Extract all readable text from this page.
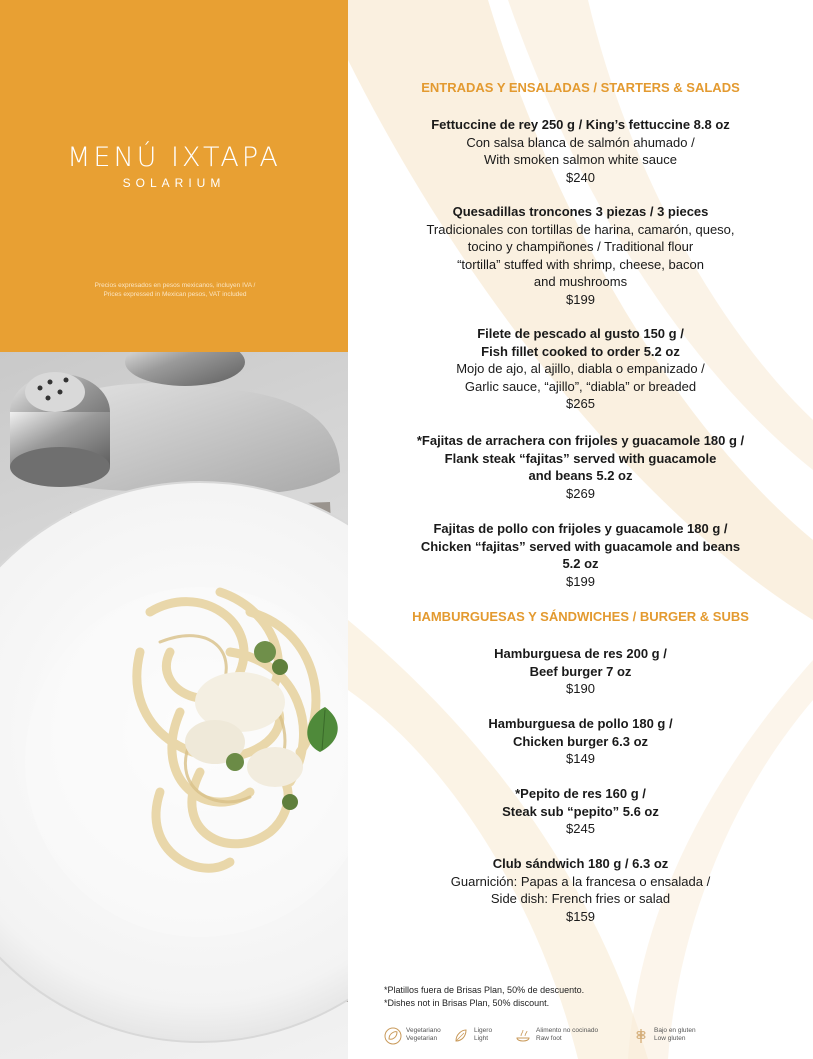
MENÚ IXTAPA
SOLARIUM
Precios expresados en pesos mexicanos, incluyen IVA /
Prices expressed in Mexican pesos, VAT included
ENTRADAS Y ENSALADAS / STARTERS & SALADS
Fettuccine de rey 250 g / King’s fettuccine 8.8 oz
Con salsa blanca de salmón ahumado /
With smoken salmon white sauce
$240
Quesadillas troncones 3 piezas / 3 pieces
Tradicionales con tortillas de harina, camarón, queso,
tocino y champiñones / Traditional flour
“tortilla” stuffed with shrimp, cheese, bacon
and mushrooms
$199
Filete de pescado al gusto 150 g /
Fish fillet cooked to order 5.2 oz
Mojo de ajo, al ajillo, diabla o empanizado /
Garlic sauce, “ajillo”, “diabla” or breaded
$265
*Fajitas de arrachera con frijoles y guacamole 180 g /
Flank steak “fajitas” served with guacamole
and beans 5.2 oz
$269
Fajitas de pollo con frijoles y guacamole 180 g /
Chicken “fajitas” served with guacamole and beans
5.2 oz
$199
HAMBURGUESAS Y SÁNDWICHES / BURGER & SUBS
Hamburguesa de res 200 g /
Beef burger 7 oz
$190
Hamburguesa de pollo 180 g /
Chicken burger 6.3 oz
$149
*Pepito de res 160 g /
Steak sub “pepito” 5.6 oz
$245
Club sándwich 180 g / 6.3 oz
Guarnición: Papas a la francesa o ensalada /
Side dish: French fries or salad
$159
*Platillos fuera de Brisas Plan, 50% de descuento.
*Dishes not in Brisas Plan, 50% discount.
Vegetariano
Vegetarian
Ligero
Light
Alimento no cocinado
Raw foot
Bajo en gluten
Low gluten
